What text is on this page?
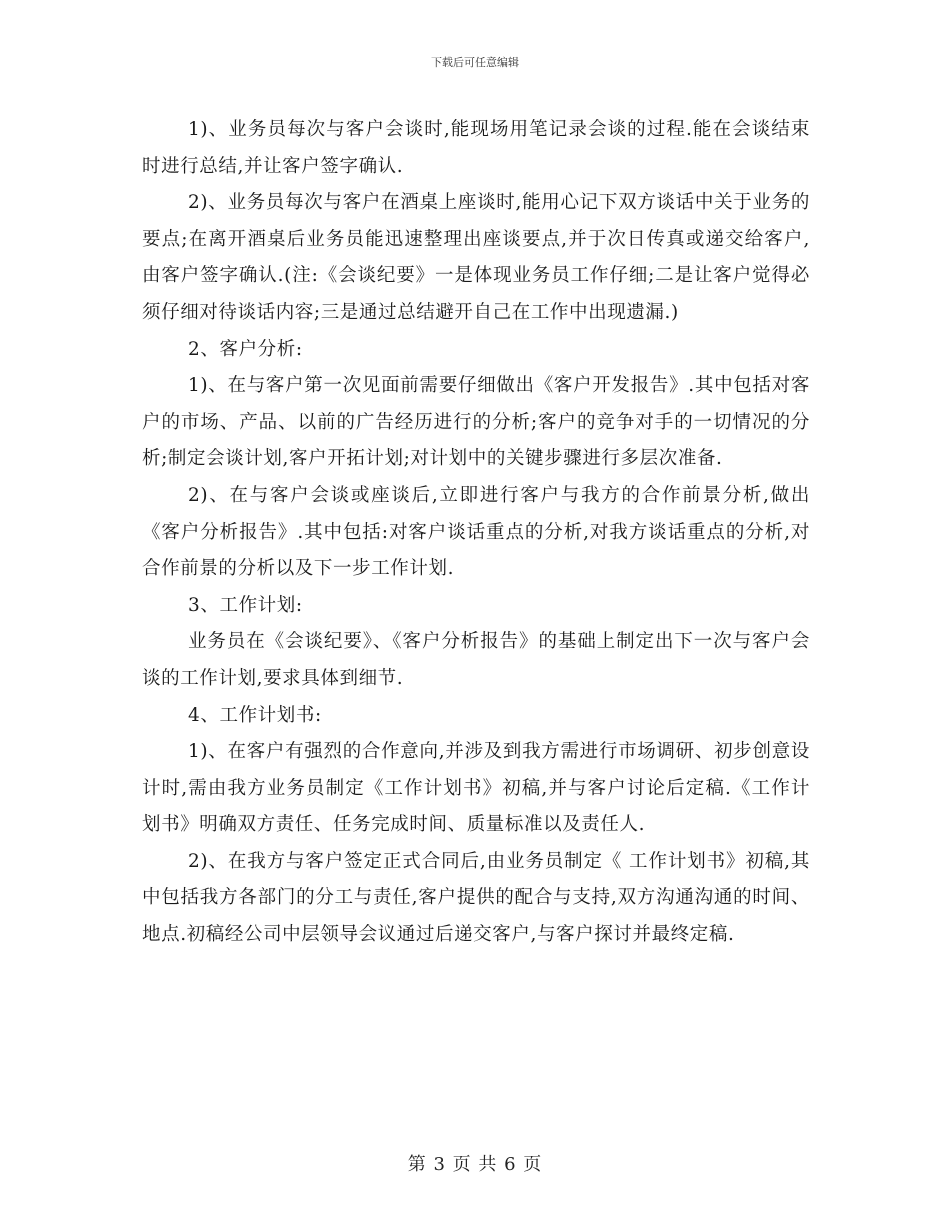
下载后可任意编辑

1)、业务员每次与客户会谈时,能现场用笔记录会谈的过程.能在会谈结束时进行总结,并让客户签字确认.

2)、业务员每次与客户在酒桌上座谈时,能用心记下双方谈话中关于业务的要点;在离开酒桌后业务员能迅速整理出座谈要点,并于次日传真或递交给客户,由客户签字确认.(注:《会谈纪要》一是体现业务员工作仔细;二是让客户觉得必须仔细对待谈话内容;三是通过总结避开自己在工作中出现遗漏.)

2、客户分析:

1)、在与客户第一次见面前需要仔细做出《客户开发报告》.其中包括对客户的市场、产品、以前的广告经历进行的分析;客户的竞争对手的一切情况的分析;制定会谈计划,客户开拓计划;对计划中的关键步骤进行多层次准备.

2)、在与客户会谈或座谈后,立即进行客户与我方的合作前景分析,做出《客户分析报告》.其中包括:对客户谈话重点的分析,对我方谈话重点的分析,对合作前景的分析以及下一步工作计划.

3、工作计划:

业务员在《会谈纪要》、《客户分析报告》的基础上制定出下一次与客户会谈的工作计划,要求具体到细节.

4、工作计划书:

1)、在客户有强烈的合作意向,并涉及到我方需进行市场调研、初步创意设计时,需由我方业务员制定《工作计划书》初稿,并与客户讨论后定稿.《工作计划书》明确双方责任、任务完成时间、质量标准以及责任人.

2)、在我方与客户签定正式合同后,由业务员制定《 工作计划书》初稿,其中包括我方各部门的分工与责任,客户提供的配合与支持,双方沟通沟通的时间、地点.初稿经公司中层领导会议通过后递交客户,与客户探讨并最终定稿.

第 3 页 共 6 页
